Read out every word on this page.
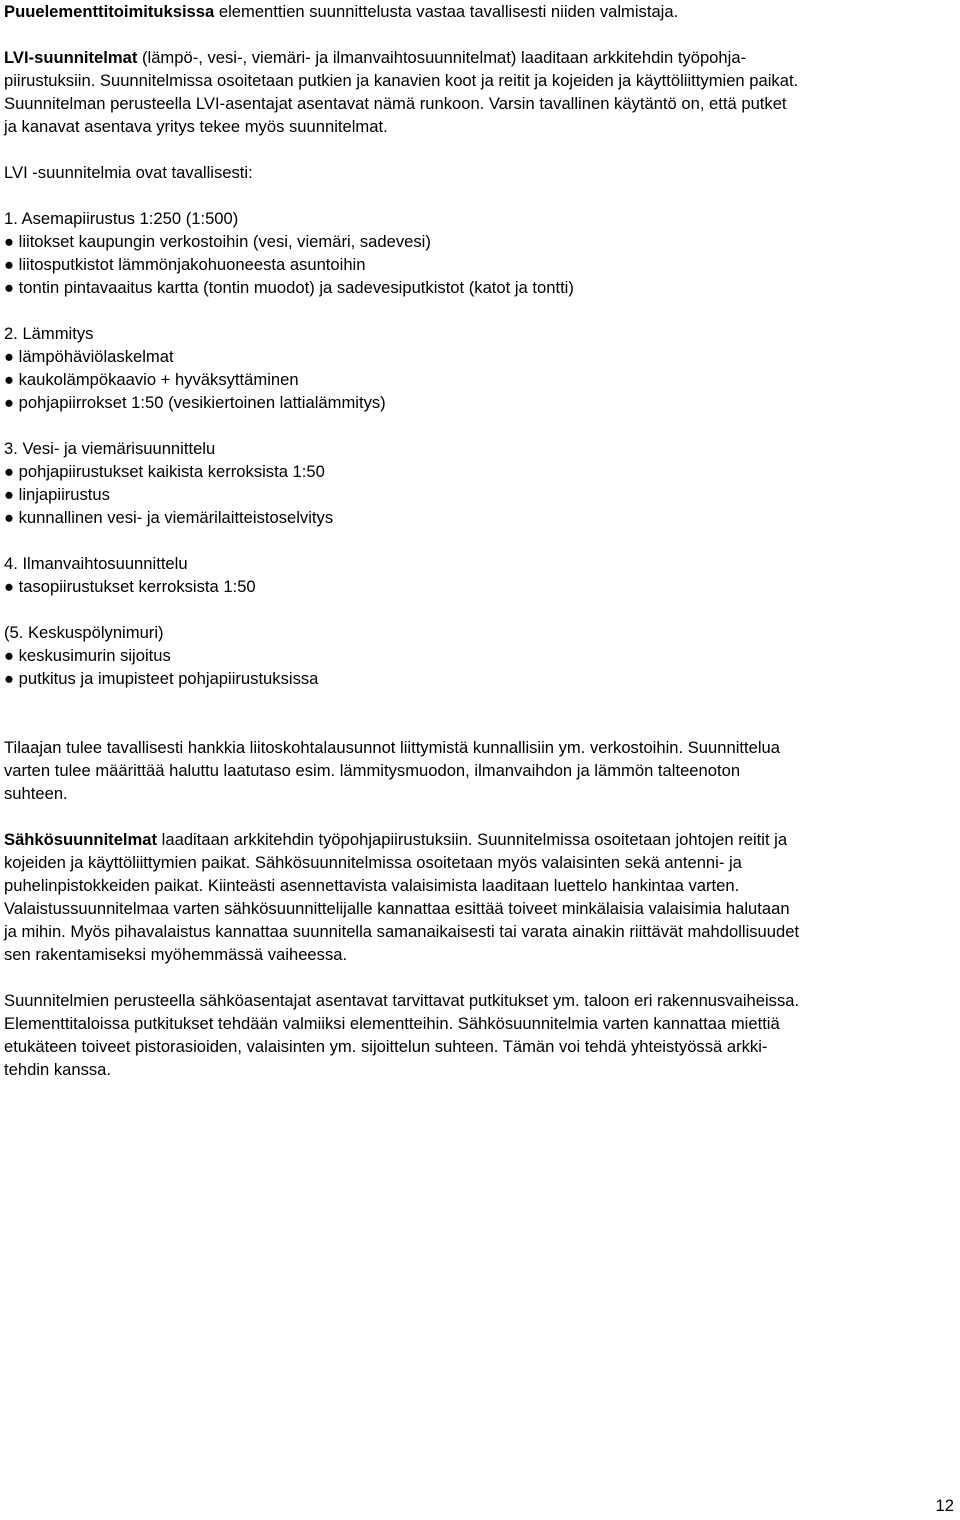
Puuelementtitoimituksissa elementtien suunnittelusta vastaa tavallisesti niiden valmistaja.

LVI-suunnitelmat (lämpö-, vesi-, viemäri- ja ilmanvaihtosuunnitelmat) laaditaan arkkitehdin työpohja-
piirustuksiin. Suunnitelmissa osoitetaan putkien ja kanavien koot ja reitit ja kojeiden ja käyttöliittymien paikat.
Suunnitelman perusteella LVI-asentajat asentavat nämä runkoon. Varsin tavallinen käytäntö on, että putket
ja kanavat asentava yritys tekee myös suunnitelmat.

LVI -suunnitelmia ovat tavallisesti:

1. Asemapiirustus 1:250 (1:500)
● liitokset kaupungin verkostoihin (vesi, viemäri, sadevesi)
● liitosputkistot lämmönjakohuoneesta asuntoihin
● tontin pintavaaitus kartta (tontin muodot) ja sadevesiputkistot (katot ja tontti)
2. Lämmitys
● lämpöhäviölaskelmat
● kaukolämpökaavio + hyväksyttäminen
● pohjapiirrokset 1:50 (vesikiertoinen lattialämmitys)
3. Vesi- ja viemärisuunnittelu
● pohjapiirustukset kaikista kerroksista 1:50
● linjapiirustus
● kunnallinen vesi- ja viemärilaitteistoselvitys
4. Ilmanvaihtosuunnittelu
● tasopiirustukset kerroksista 1:50
(5. Keskuspölynimuri)
● keskusimurin sijoitus
● putkitus ja imupisteet pohjapiirustuksissa

Tilaajan tulee tavallisesti hankkia liitoskohtalausunnot liittymistä kunnallisiin ym. verkostoihin. Suunnittelua
varten tulee määrittää haluttu laatutaso esim. lämmitysmuodon, ilmanvaihdon ja lämmön talteenoton
suhteen.

Sähkösuunnitelmat laaditaan arkkitehdin työpohjapiirustuksiin. Suunnitelmissa osoitetaan johtojen reitit ja
kojeiden ja käyttöliittymien paikat. Sähkösuunnitelmissa osoitetaan myös valaisinten sekä antenni- ja
puhelinpistokkeiden paikat. Kiinteästi asennettavista valaisimista laaditaan luettelo hankintaa varten.
Valaistussuunnitelmaa varten sähkösuunnittelijalle kannattaa esittää toiveet minkälaisia valaisimia halutaan
ja mihin. Myös pihavalaistus kannattaa suunnitella samanaikaisesti tai varata ainakin riittävät mahdollisuudet
sen rakentamiseksi myöhemmässä vaiheessa.

Suunnitelmien perusteella sähköasentajat asentavat tarvittavat putkitukset ym. taloon eri rakennusvaiheissa.
Elementtitaloissa putkitukset tehdään valmiiksi elementteihin. Sähkösuunnitelmia varten kannattaa miettiä
etukäteen toiveet pistorasioiden, valaisinten ym. sijoittelun suhteen. Tämän voi tehdä yhteistyössä arkki-
tehdin kanssa.

12
